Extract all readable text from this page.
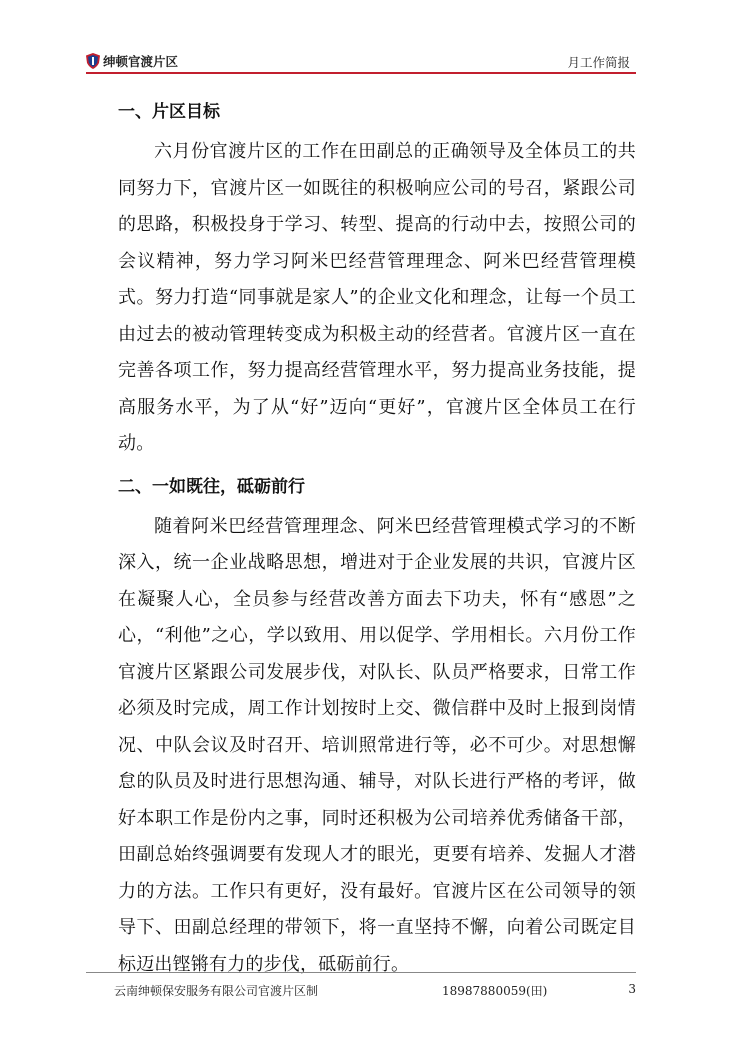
绅顿官渡片区	月工作简报
一、片区目标

六月份官渡片区的工作在田副总的正确领导及全体员工的共同努力下，官渡片区一如既往的积极响应公司的号召，紧跟公司的思路，积极投身于学习、转型、提高的行动中去，按照公司的会议精神，努力学习阿米巴经营管理理念、阿米巴经营管理模式。努力打造“同事就是家人”的企业文化和理念，让每一个员工由过去的被动管理转变成为积极主动的经营者。官渡片区一直在完善各项工作，努力提高经营管理水平，努力提高业务技能，提高服务水平，为了从“好”迈向“更好”，官渡片区全体员工在行动。

二、一如既往，砥砺前行

随着阿米巴经营管理理念、阿米巴经营管理模式学习的不断深入，统一企业战略思想，增进对于企业发展的共识，官渡片区在凝聚人心，全员参与经营改善方面去下功夫，怀有“感恩”之心，“利他”之心，学以致用、用以促学、学用相长。六月份工作官渡片区紧跟公司发展步伐，对队长、队员严格要求，日常工作必须及时完成，周工作计划按时上交、微信群中及时上报到岗情况、中队会议及时召开、培训照常进行等，必不可少。对思想懈怠的队员及时进行思想沟通、辅导，对队长进行严格的考评，做好本职工作是份内之事，同时还积极为公司培养优秀储备干部，田副总始终强调要有发现人才的眼光，更要有培养、发掘人才潜力的方法。工作只有更好，没有最好。官渡片区在公司领导的领导下、田副总经理的带领下，将一直坚持不懈，向着公司既定目标迈出铿锵有力的步伐，砥砺前行。

云南绅顿保安服务有限公司官渡片区制	18987880059(田)	3
